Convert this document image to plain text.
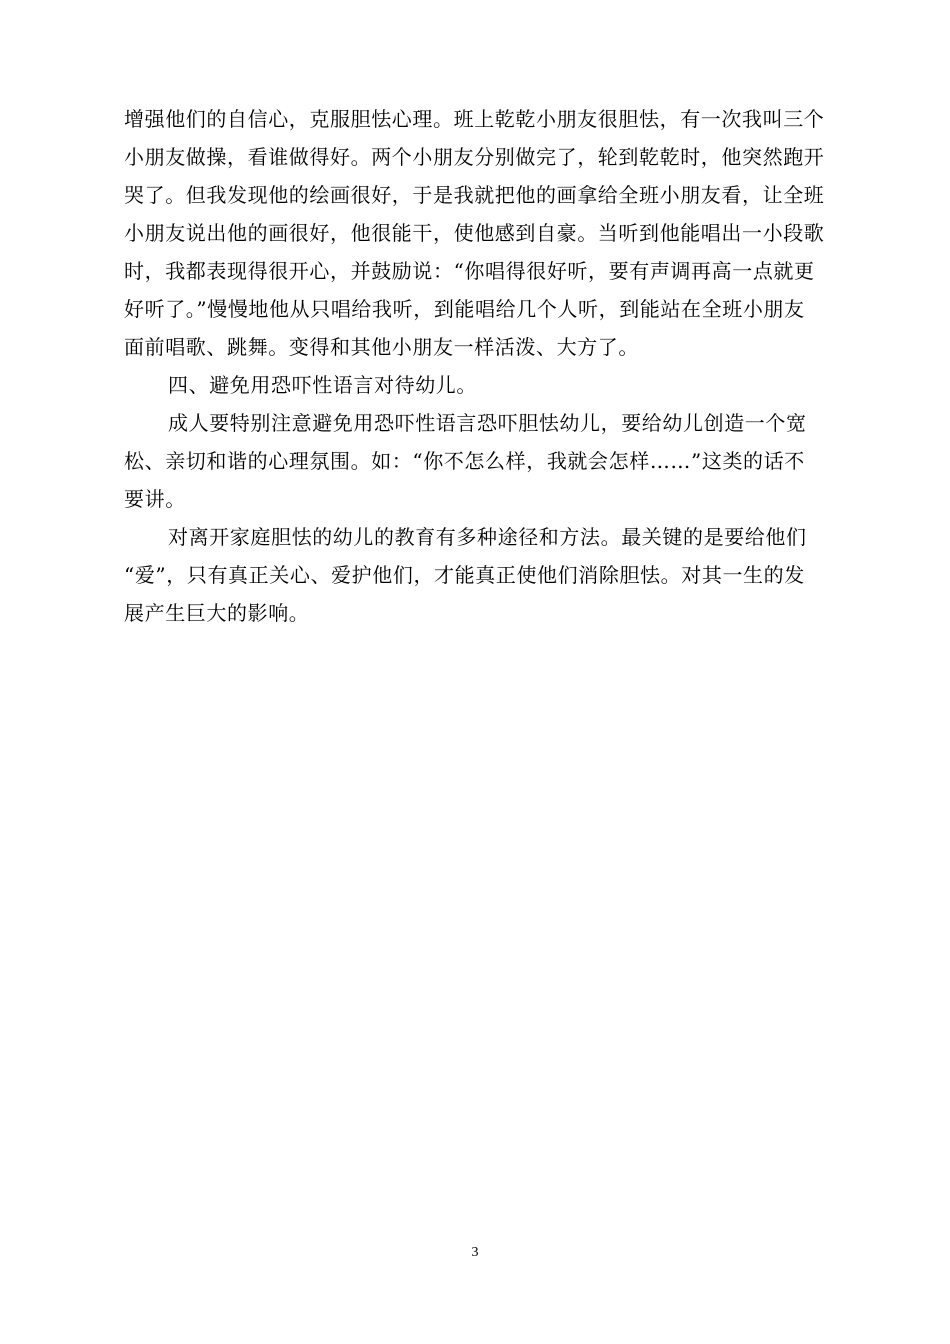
增强他们的自信心，克服胆怯心理。班上乾乾小朋友很胆怯，有一次我叫三个
小朋友做操，看谁做得好。两个小朋友分别做完了，轮到乾乾时，他突然跑开
哭了。但我发现他的绘画很好，于是我就把他的画拿给全班小朋友看，让全班
小朋友说出他的画很好，他很能干，使他感到自豪。当听到他能唱出一小段歌
时，我都表现得很开心，并鼓励说：“你唱得很好听，要有声调再高一点就更
好听了。”慢慢地他从只唱给我听，到能唱给几个人听，到能站在全班小朋友
面前唱歌、跳舞。变得和其他小朋友一样活泼、大方了。
四、避免用恐吓性语言对待幼儿。
成人要特别注意避免用恐吓性语言恐吓胆怯幼儿，要给幼儿创造一个宽
松、亲切和谐的心理氛围。如：“你不怎么样，我就会怎样……”这类的话不
要讲。
对离开家庭胆怯的幼儿的教育有多种途径和方法。最关键的是要给他们
“爱”，只有真正关心、爱护他们，才能真正使他们消除胆怯。对其一生的发
展产生巨大的影响。
3
